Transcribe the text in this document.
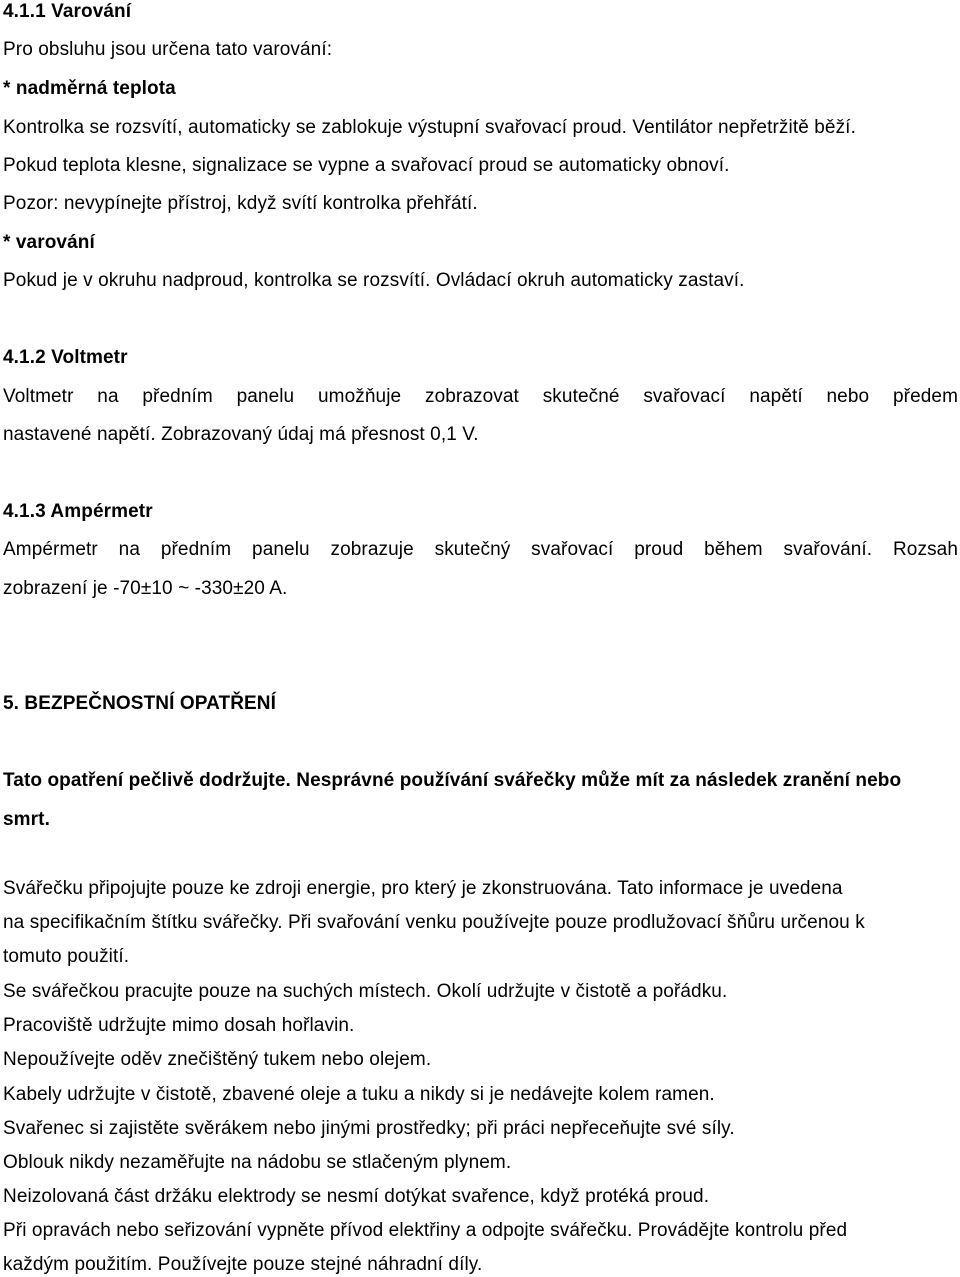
4.1.1 Varování
Pro obsluhu jsou určena tato varování:
* nadměrná teplota
Kontrolka se rozsvítí, automaticky se zablokuje výstupní svařovací proud. Ventilátor nepřetržitě běží.
Pokud teplota klesne, signalizace se vypne a svařovací proud se automaticky obnoví.
Pozor: nevypínejte přístroj, když svítí kontrolka přehřátí.
* varování
Pokud je v okruhu nadproud, kontrolka se rozsvítí. Ovládací okruh automaticky zastaví.
4.1.2 Voltmetr
Voltmetr na předním panelu umožňuje zobrazovat skutečné svařovací napětí nebo předem
nastavené napětí. Zobrazovaný údaj má přesnost 0,1 V.
4.1.3 Ampérmetr
Ampérmetr na předním panelu zobrazuje skutečný svařovací proud během svařování. Rozsah
zobrazení je -70±10 ~ -330±20 A.
5. BEZPEČNOSTNÍ OPATŘENÍ
Tato opatření pečlivě dodržujte. Nesprávné používání svářečky může mít za následek zranění nebo
smrt.
Svářečku připojujte pouze ke zdroji energie, pro který je zkonstruována. Tato informace je uvedena
na specifikačním štítku svářečky. Při svařování venku používejte pouze prodlužovací šňůru určenou k
tomuto použití.
Se svářečkou pracujte pouze na suchých místech. Okolí udržujte v čistotě a pořádku.
Pracoviště udržujte mimo dosah hořlavin.
Nepoužívejte oděv znečištěný tukem nebo olejem.
Kabely udržujte v čistotě, zbavené oleje a tuku a nikdy si je nedávejte kolem ramen.
Svařenec si zajistěte svěrákem nebo jinými prostředky; při práci nepřeceňujte své síly.
Oblouk nikdy nezaměřujte na nádobu se stlačeným plynem.
Neizolovaná část držáku elektrody se nesmí dotýkat svařence, když protéká proud.
Při opravách nebo seřizování vypněte přívod elektřiny a odpojte svářečku. Provádějte kontrolu před
každým použitím. Používejte pouze stejné náhradní díly.
